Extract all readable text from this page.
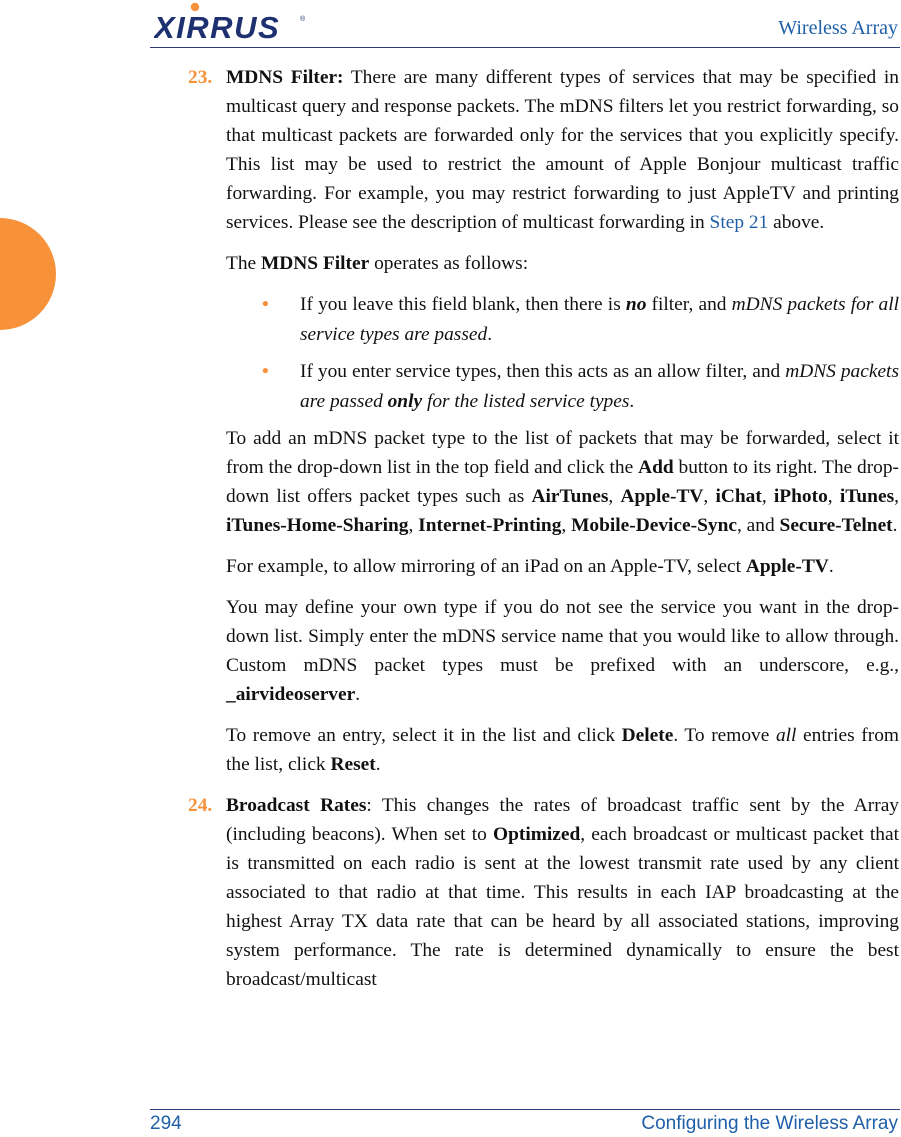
XIRRUS	®	Wireless Array
23. MDNS Filter: There are many different types of services that may be specified in multicast query and response packets. The mDNS filters let you restrict forwarding, so that multicast packets are forwarded only for the services that you explicitly specify. This list may be used to restrict the amount of Apple Bonjour multicast traffic forwarding. For example, you may restrict forwarding to just AppleTV and printing services. Please see the description of multicast forwarding in Step 21 above.

The MDNS Filter operates as follows:

• If you leave this field blank, then there is no filter, and mDNS packets for all service types are passed.
• If you enter service types, then this acts as an allow filter, and mDNS packets are passed only for the listed service types.

To add an mDNS packet type to the list of packets that may be forwarded, select it from the drop-down list in the top field and click the Add button to its right. The drop-down list offers packet types such as AirTunes, Apple-TV, iChat, iPhoto, iTunes, iTunes-Home-Sharing, Internet-Printing, Mobile-Device-Sync, and Secure-Telnet.

For example, to allow mirroring of an iPad on an Apple-TV, select Apple-TV.

You may define your own type if you do not see the service you want in the drop-down list. Simply enter the mDNS service name that you would like to allow through. Custom mDNS packet types must be prefixed with an underscore, e.g., _airvideoserver.

To remove an entry, select it in the list and click Delete. To remove all entries from the list, click Reset.

24. Broadcast Rates: This changes the rates of broadcast traffic sent by the Array (including beacons). When set to Optimized, each broadcast or multicast packet that is transmitted on each radio is sent at the lowest transmit rate used by any client associated to that radio at that time. This results in each IAP broadcasting at the highest Array TX data rate that can be heard by all associated stations, improving system performance. The rate is determined dynamically to ensure the best broadcast/multicast
294	Configuring the Wireless Array
